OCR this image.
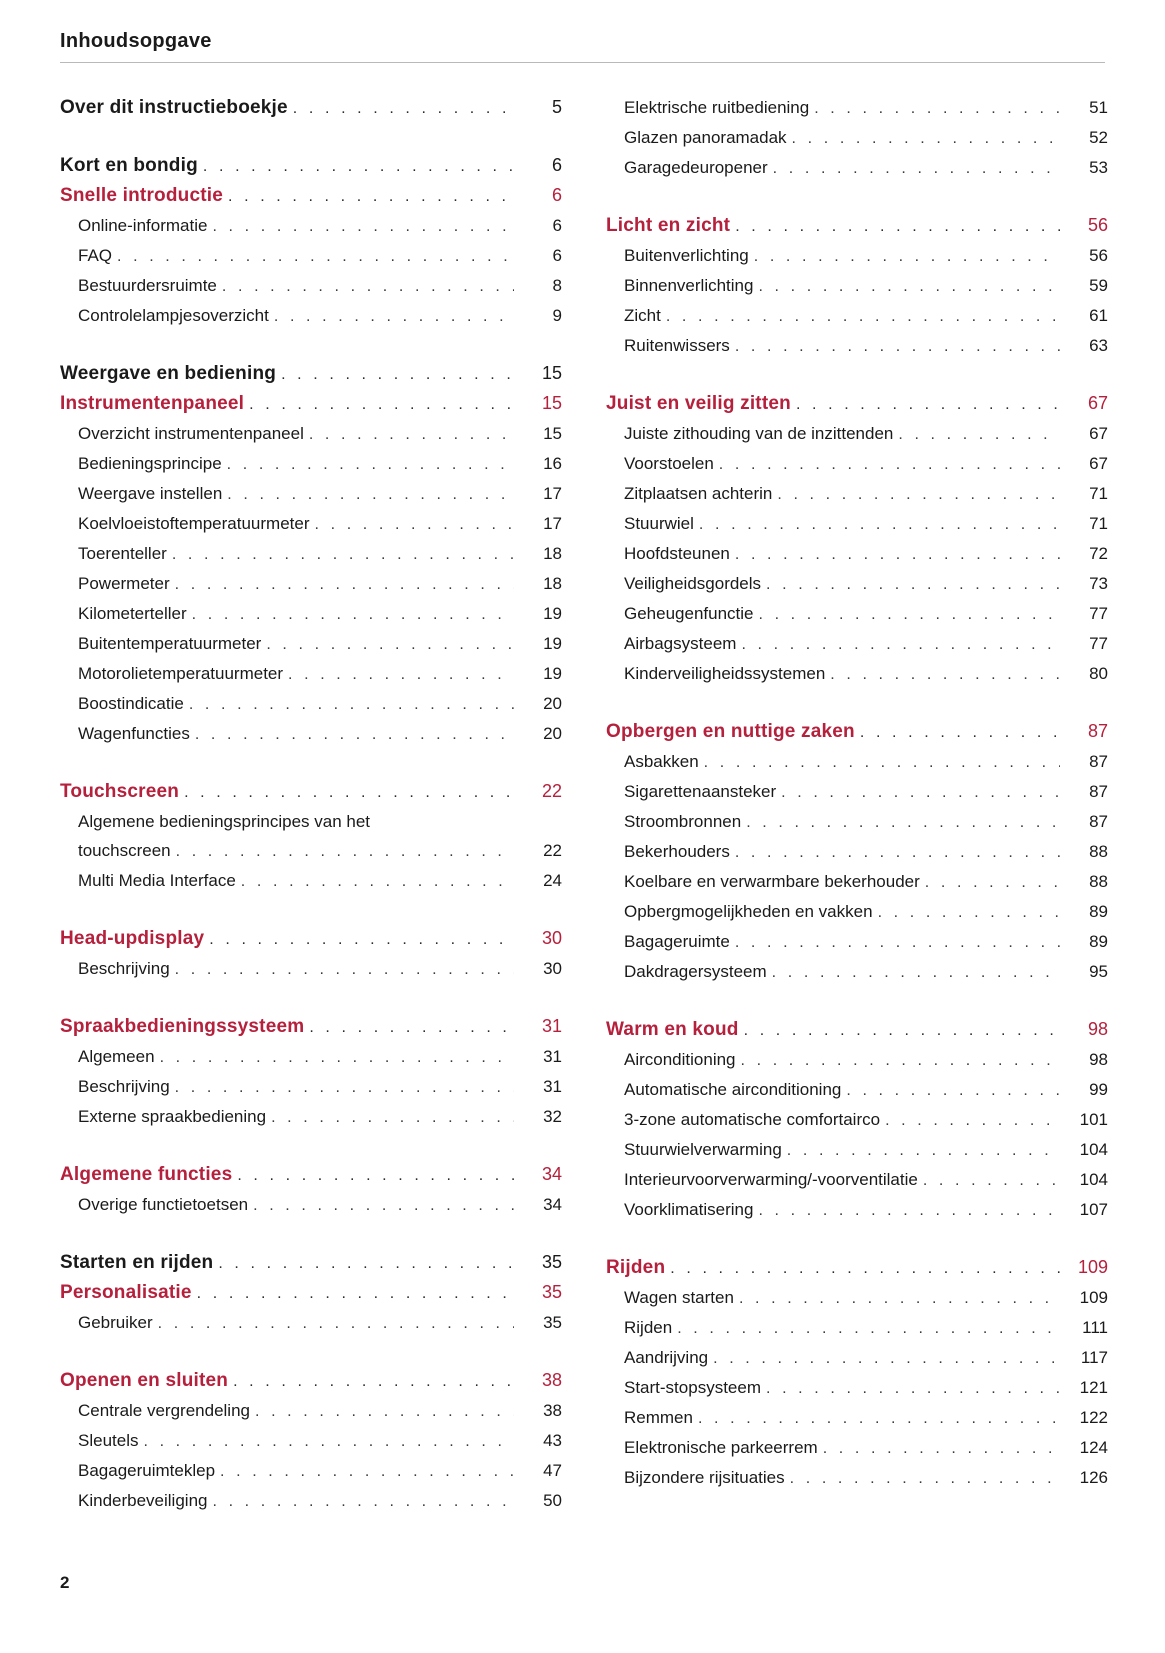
Inhoudsopgave
Over dit instructieboekje . . .	5
Kort en bondig . . .	6
Snelle introductie . . .	6
Online-informatie . . .	6
FAQ . . .	6
Bestuurdersruimte . . .	8
Controlelampjesoverzicht . . .	9
Weergave en bediening . . .	15
Instrumentenpaneel . . .	15
Overzicht instrumentenpaneel . . .	15
Bedieningsprincipe . . .	16
Weergave instellen . . .	17
Koelvloeistoftemperatuurmeter . . .	17
Toerenteller . . .	18
Powermeter . . .	18
Kilometerteller . . .	19
Buitentemperatuurmeter . . .	19
Motorolietemperatuurmeter . . .	19
Boostindicatie . . .	20
Wagenfuncties . . .	20
Touchscreen . . .	22
Algemene bedieningsprincipes van het
touchscreen . . .	22
Multi Media Interface . . .	24
Head-updisplay . . .	30
Beschrijving . . .	30
Spraakbedieningssysteem . . .	31
Algemeen . . .	31
Beschrijving . . .	31
Externe spraakbediening . . .	32
Algemene functies . . .	34
Overige functietoetsen . . .	34
Starten en rijden . . .	35
Personalisatie . . .	35
Gebruiker . . .	35
Openen en sluiten . . .	38
Centrale vergrendeling . . .	38
Sleutels . . .	43
Bagageruimteklep . . .	47
Kinderbeveiliging . . .	50
Elektrische ruitbediening . . .	51
Glazen panoramadak . . .	52
Garagedeuropener . . .	53
Licht en zicht . . .	56
Buitenverlichting . . .	56
Binnenverlichting . . .	59
Zicht . . .	61
Ruitenwissers . . .	63
Juist en veilig zitten . . .	67
Juiste zithouding van de inzittenden . . .	67
Voorstoelen . . .	67
Zitplaatsen achterin . . .	71
Stuurwiel . . .	71
Hoofdsteunen . . .	72
Veiligheidsgordels . . .	73
Geheugenfunctie . . .	77
Airbagsysteem . . .	77
Kinderveiligheidssystemen . . .	80
Opbergen en nuttige zaken . . .	87
Asbakken . . .	87
Sigarettenaansteker . . .	87
Stroombronnen . . .	87
Bekerhouders . . .	88
Koelbare en verwarmbare bekerhouder . . .	88
Opbergmogelijkheden en vakken . . .	89
Bagageruimte . . .	89
Dakdragersysteem . . .	95
Warm en koud . . .	98
Airconditioning . . .	98
Automatische airconditioning . . .	99
3-zone automatische comfortairco . . .	101
Stuurwielverwarming . . .	104
Interieurvoorverwarming/-voorventilatie . . .	104
Voorklimatisering . . .	107
Rijden . . .	109
Wagen starten . . .	109
Rijden . . .	111
Aandrijving . . .	117
Start-stopsysteem . . .	121
Remmen . . .	122
Elektronische parkeerrem . . .	124
Bijzondere rijsituaties . . .	126
2
